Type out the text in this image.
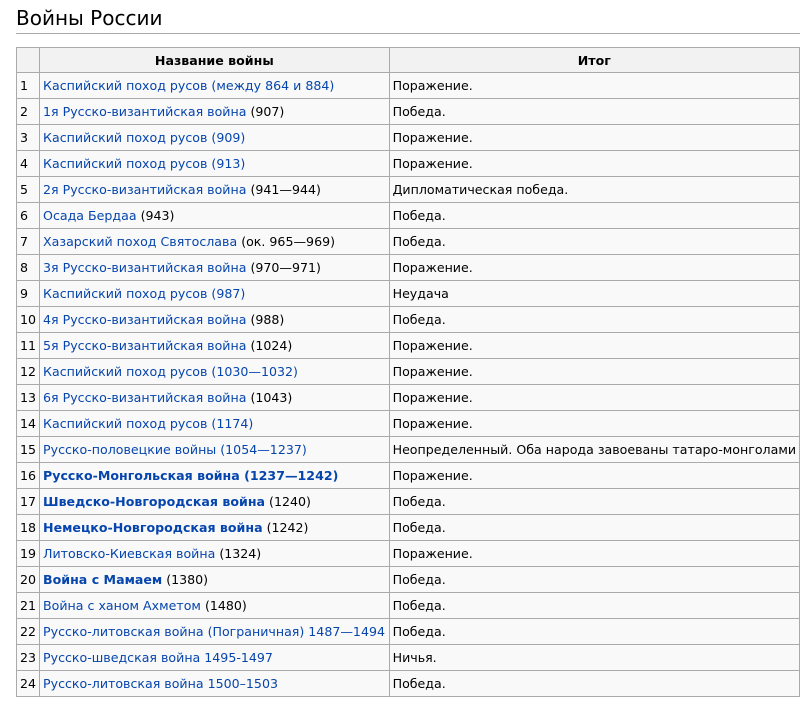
Войны России
	Название войны	Итог
1	Каспийский поход русов (между 864 и 884)	Поражение.
2	1я Русско-византийская война (907)	Победа.
3	Каспийский поход русов (909)	Поражение.
4	Каспийский поход русов (913)	Поражение.
5	2я Русско-византийская война (941—944)	Дипломатическая победа.
6	Осада Бердаа (943)	Победа.
7	Хазарский поход Святослава (ок. 965—969)	Победа.
8	3я Русско-византийская война (970—971)	Поражение.
9	Каспийский поход русов (987)	Неудача
10	4я Русско-византийская война (988)	Победа.
11	5я Русско-византийская война (1024)	Поражение.
12	Каспийский поход русов (1030—1032)	Поражение.
13	6я Русско-византийская война (1043)	Поражение.
14	Каспийский поход русов (1174)	Поражение.
15	Русско-половецкие войны (1054—1237)	Неопределенный. Оба народа завоеваны татаро-монголами
16	Русско-Монгольская война (1237—1242)	Поражение.
17	Шведско-Новгородская война (1240)	Победа.
18	Немецко-Новгородская война (1242)	Победа.
19	Литовско-Киевская война (1324)	Поражение.
20	Война с Мамаем (1380)	Победа.
21	Война с ханом Ахметом (1480)	Победа.
22	Русско-литовская война (Пограничная) 1487—1494	Победа.
23	Русско-шведская война 1495-1497	Ничья.
24	Русско-литовская война 1500–1503	Победа.
